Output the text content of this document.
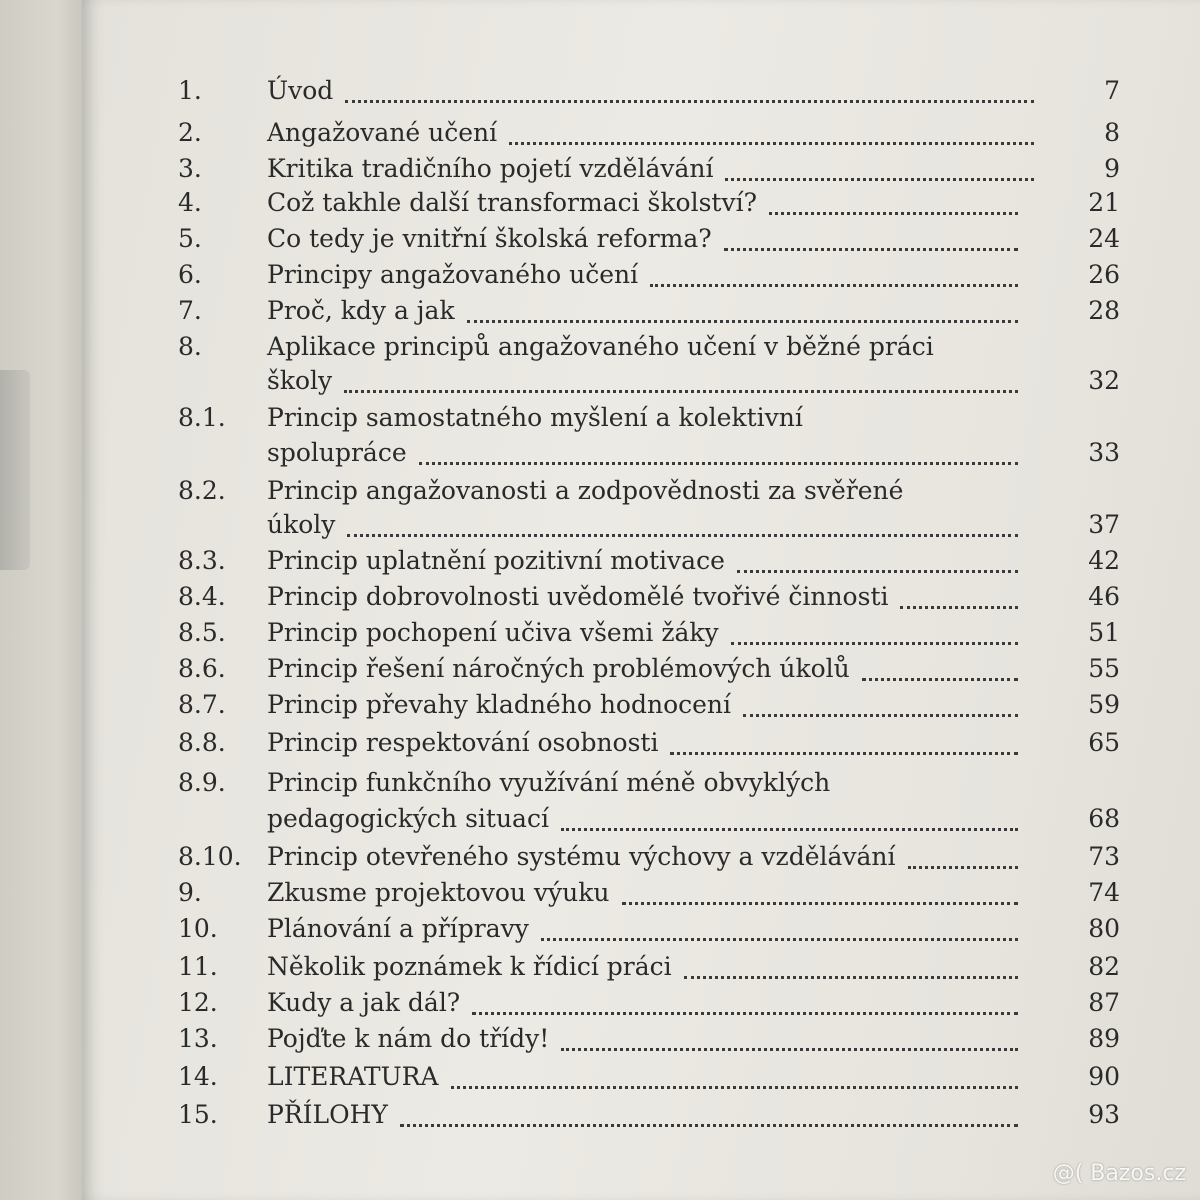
1.	Úvod	7
2.	Angažované učení	8
3.	Kritika tradičního pojetí vzdělávání	9
4.	Což takhle další transformaci školství?	21
5.	Co tedy je vnitřní školská reforma?	24
6.	Principy angažovaného učení	26
7.	Proč, kdy a jak	28
8.	Aplikace principů angažovaného učení v běžné práci
školy	32
8.1. Princip samostatného myšlení a kolektivní
spolupráce	33
8.2. Princip angažovanosti a zodpovědnosti za svěřené
úkoly	37
8.3. Princip uplatnění pozitivní motivace	42
8.4. Princip dobrovolnosti uvědomělé tvořivé činnosti	46
8.5. Princip pochopení učiva všemi žáky	51
8.6. Princip řešení náročných problémových úkolů	55
8.7. Princip převahy kladného hodnocení	59
8.8. Princip respektování osobnosti	65
8.9. Princip funkčního využívání méně obvyklých
pedagogických situací	68
8.10. Princip otevřeného systému výchovy a vzdělávání	73
9.	Zkusme projektovou výuku	74
10. Plánování a přípravy	80
11. Několik poznámek k řídicí práci	82
12. Kudy a jak dál?	87
13. Pojďte k nám do třídy!	89
14. LITERATURA	90
15. PŘÍLOHY	93
@( Bazos.cz
